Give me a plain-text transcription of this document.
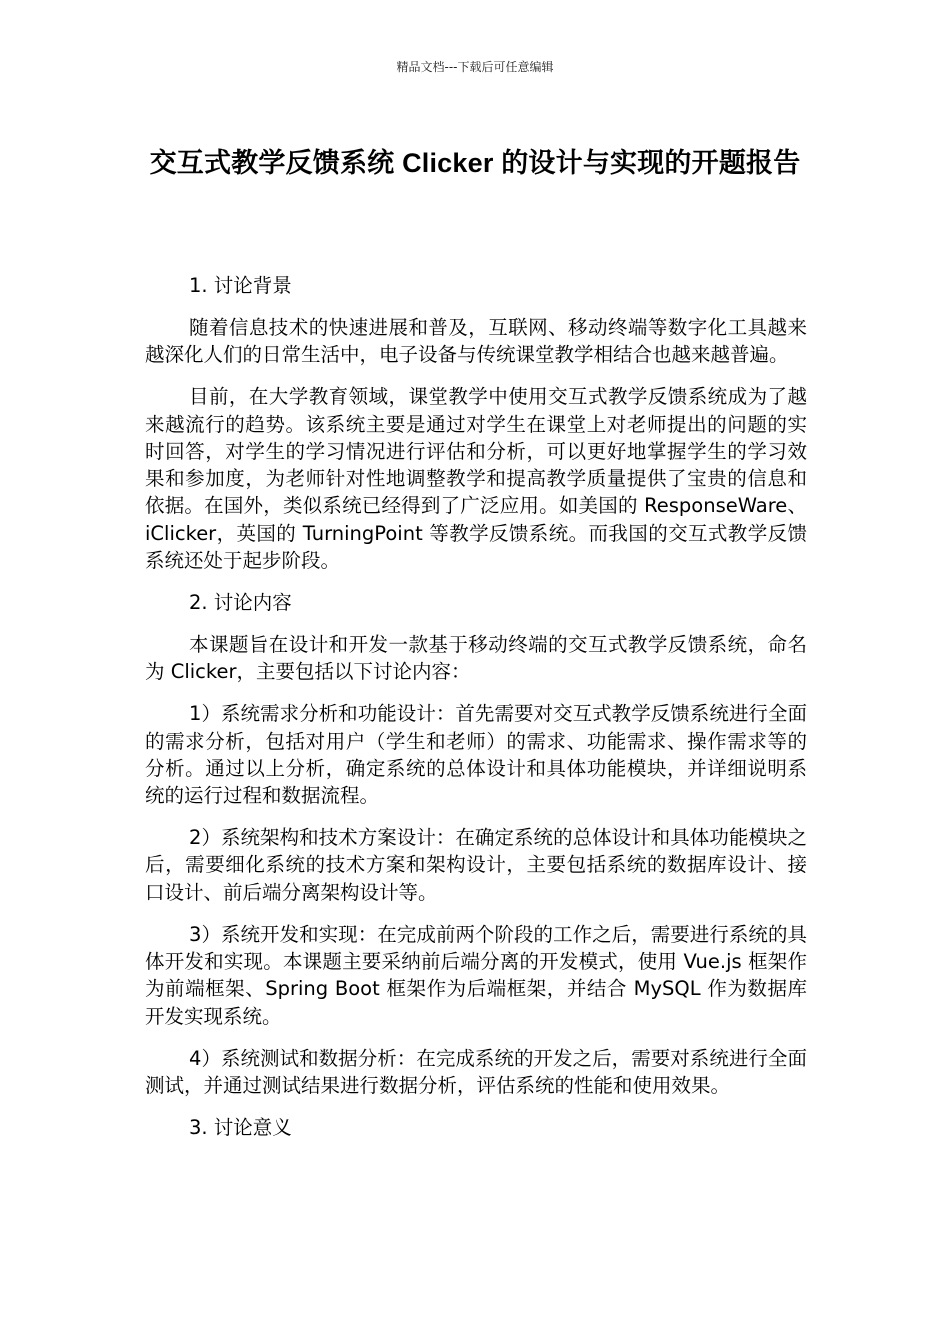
精品文档---下载后可任意编辑
交互式教学反馈系统 Clicker 的设计与实现的开题报告

1. 讨论背景

随着信息技术的快速进展和普及，互联网、移动终端等数字化工具越来越深化人们的日常生活中，电子设备与传统课堂教学相结合也越来越普遍。

目前，在大学教育领域，课堂教学中使用交互式教学反馈系统成为了越来越流行的趋势。该系统主要是通过对学生在课堂上对老师提出的问题的实时回答，对学生的学习情况进行评估和分析，可以更好地掌握学生的学习效果和参加度，为老师针对性地调整教学和提高教学质量提供了宝贵的信息和依据。在国外，类似系统已经得到了广泛应用。如美国的 ResponseWare、iClicker，英国的 TurningPoint 等教学反馈系统。而我国的交互式教学反馈系统还处于起步阶段。

2. 讨论内容

本课题旨在设计和开发一款基于移动终端的交互式教学反馈系统，命名为 Clicker，主要包括以下讨论内容：

1）系统需求分析和功能设计：首先需要对交互式教学反馈系统进行全面的需求分析，包括对用户（学生和老师）的需求、功能需求、操作需求等的分析。通过以上分析，确定系统的总体设计和具体功能模块，并详细说明系统的运行过程和数据流程。

2）系统架构和技术方案设计：在确定系统的总体设计和具体功能模块之后，需要细化系统的技术方案和架构设计，主要包括系统的数据库设计、接口设计、前后端分离架构设计等。

3）系统开发和实现：在完成前两个阶段的工作之后，需要进行系统的具体开发和实现。本课题主要采纳前后端分离的开发模式，使用 Vue.js 框架作为前端框架、Spring Boot 框架作为后端框架，并结合 MySQL 作为数据库开发实现系统。

4）系统测试和数据分析：在完成系统的开发之后，需要对系统进行全面测试，并通过测试结果进行数据分析，评估系统的性能和使用效果。

3. 讨论意义
